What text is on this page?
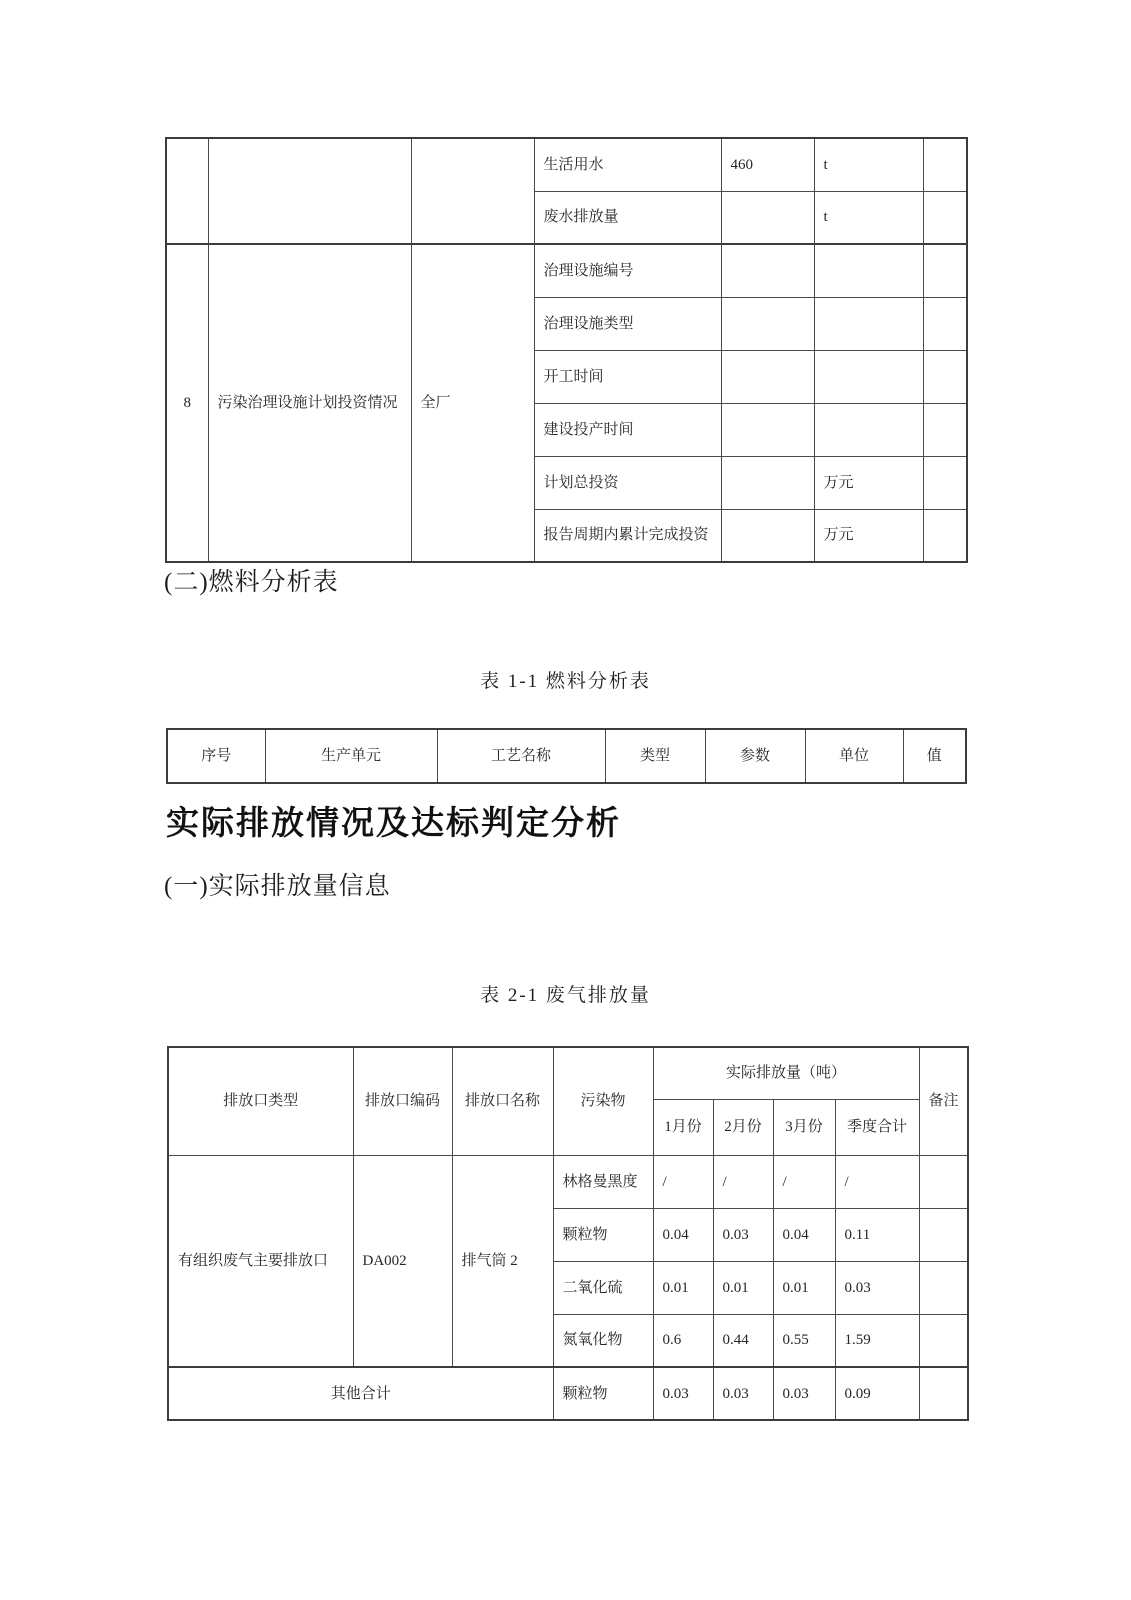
			生活用水	460	t	
			废水排放量		t	
8	污染治理设施计划投资情况	全厂	治理设施编号			
			治理设施类型			
			开工时间			
			建设投产时间			
			计划总投资		万元	
			报告周期内累计完成投资		万元	
(二)燃料分析表
表 1-1 燃料分析表
序号	生产单元	工艺名称	类型	参数	单位	值
实际排放情况及达标判定分析
(一)实际排放量信息
表 2-1 废气排放量
排放口类型	排放口编码	排放口名称	污染物	实际排放量（吨）				备注
				1月份	2月份	3月份	季度合计	
有组织废气主要排放口	DA002	排气筒 2	林格曼黑度	/	/	/	/	
			颗粒物	0.04	0.03	0.04	0.11	
			二氧化硫	0.01	0.01	0.01	0.03	
			氮氧化物	0.6	0.44	0.55	1.59	
其他合计			颗粒物	0.03	0.03	0.03	0.09	
